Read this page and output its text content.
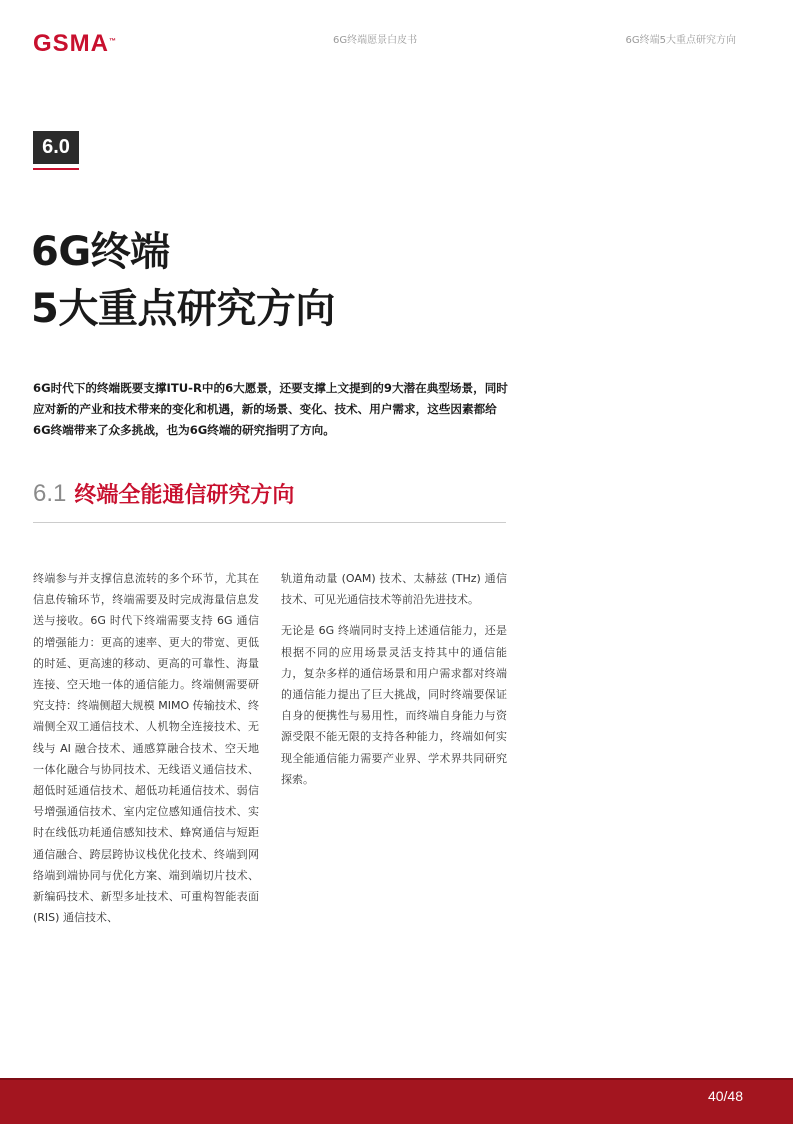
GSMA™	6G终端愿景白皮书	6G终端5大重点研究方向
6.0
6G终端
5大重点研究方向
6G时代下的终端既要支撑ITU-R中的6大愿景，还要支撑上文提到的9大潜在典型场景，同时应对新的产业和技术带来的变化和机遇，新的场景、变化、技术、用户需求，这些因素都给6G终端带来了众多挑战，也为6G终端的研究指明了方向。
6.1 终端全能通信研究方向

终端参与并支撑信息流转的多个环节，尤其在信息传输环节，终端需要及时完成海量信息发送与接收。6G 时代下终端需要支持 6G 通信的增强能力：更高的速率、更大的带宽、更低的时延、更高速的移动、更高的可靠性、海量连接、空天地一体的通信能力。终端侧需要研究支持：终端侧超大规模 MIMO 传输技术、终端侧全双工通信技术、人机物全连接技术、无线与 AI 融合技术、通感算融合技术、空天地一体化融合与协同技术、无线语义通信技术、超低时延通信技术、超低功耗通信技术、弱信号增强通信技术、室内定位感知通信技术、实时在线低功耗通信感知技术、蜂窝通信与短距通信融合、跨层跨协议栈优化技术、终端到网络端到端协同与优化方案、端到端切片技术、新编码技术、新型多址技术、可重构智能表面 (RIS) 通信技术、

轨道角动量 (OAM) 技术、太赫兹 (THz) 通信技术、可见光通信技术等前沿先进技术。

无论是 6G 终端同时支持上述通信能力，还是根据不同的应用场景灵活支持其中的通信能力，复杂多样的通信场景和用户需求都对终端的通信能力提出了巨大挑战，同时终端要保证自身的便携性与易用性，而终端自身能力与资源受限不能无限的支持各种能力，终端如何实现全能通信能力需要产业界、学术界共同研究探索。

40/48
